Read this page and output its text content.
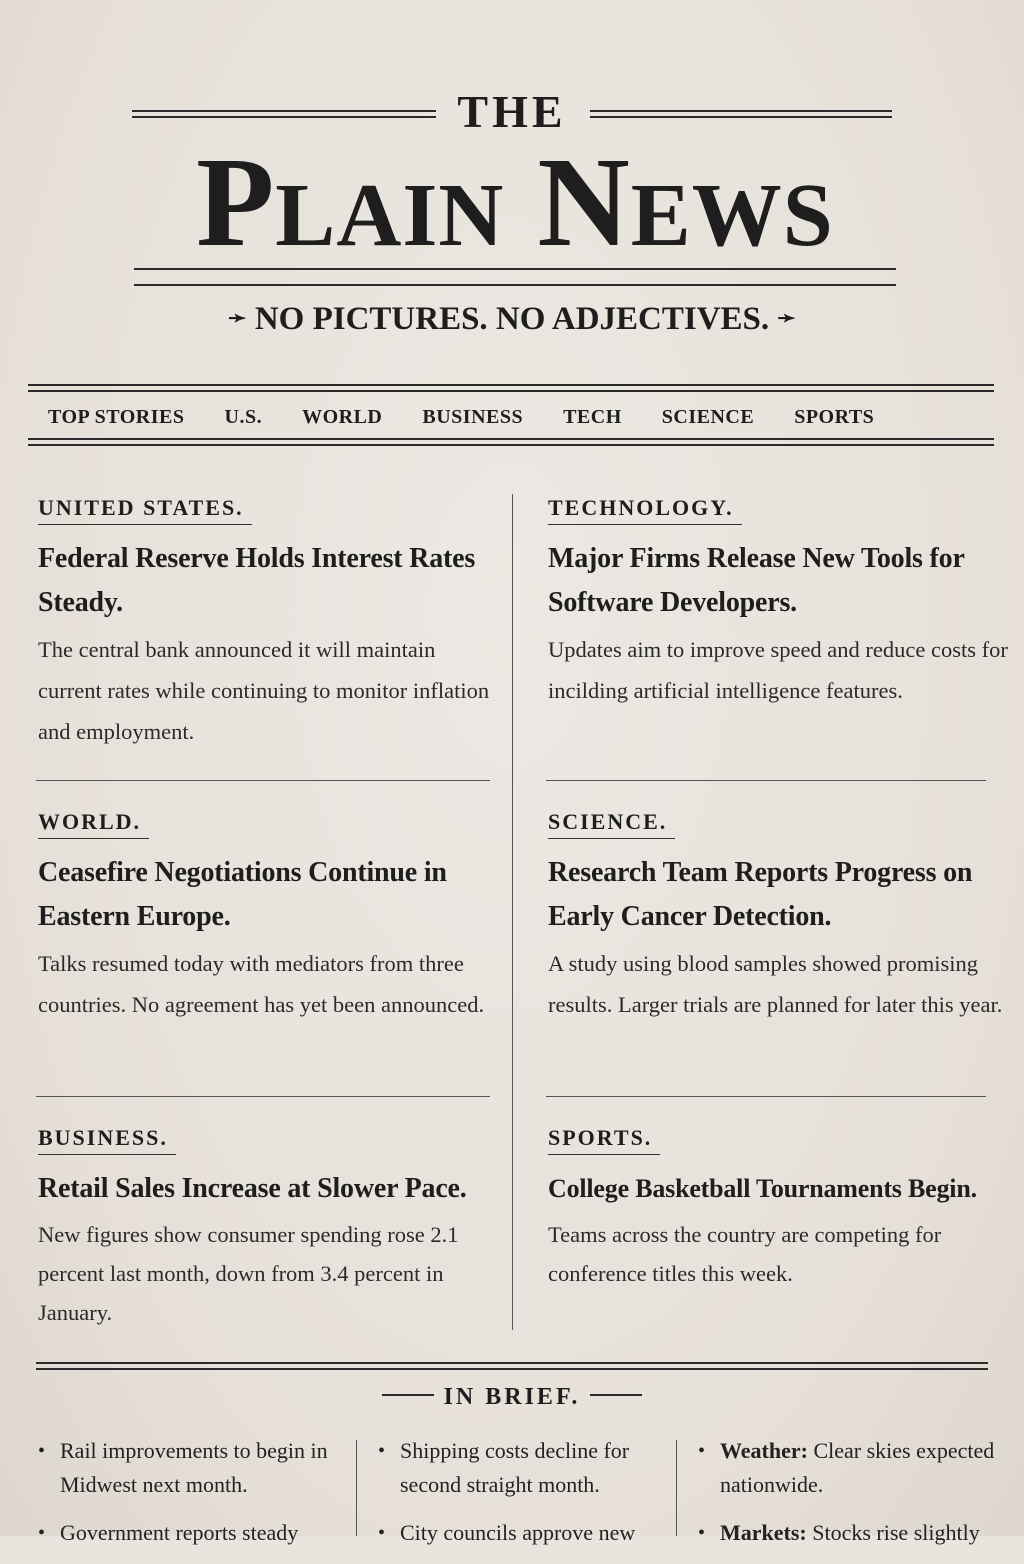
THE
Plain News
➛ NO PICTURES. NO ADJECTIVES. ➛
TOP STORIES U.S. WORLD BUSINESS TECH SCIENCE SPORTS
UNITED STATES.
Federal Reserve Holds Interest Rates Steady.
The central bank announced it will maintain current rates while continuing to monitor inflation and employment.
TECHNOLOGY.
Major Firms Release New Tools for Software Developers.
Updates aim to improve speed and reduce costs for incilding artificial intelligence features.
WORLD.
Ceasefire Negotiations Continue in Eastern Europe.
Talks resumed today with mediators from three countries. No agreement has yet been announced.
SCIENCE.
Research Team Reports Progress on Early Cancer Detection.
A study using blood samples showed promising results. Larger trials are planned for later this year.
BUSINESS.
Retail Sales Increase at Slower Pace.
New figures show consumer spending rose 2.1 percent last month, down from 3.4 percent in January.
SPORTS.
College Basketball Tournaments Begin.
Teams across the country are competing for conference titles this week.
IN BRIEF.
• Rail improvements to begin in Midwest next month.
• Government reports steady
• Shipping costs decline for second straight month.
• City councils approve new
• Weather: Clear skies expected nationwide.
• Markets: Stocks rise slightly
